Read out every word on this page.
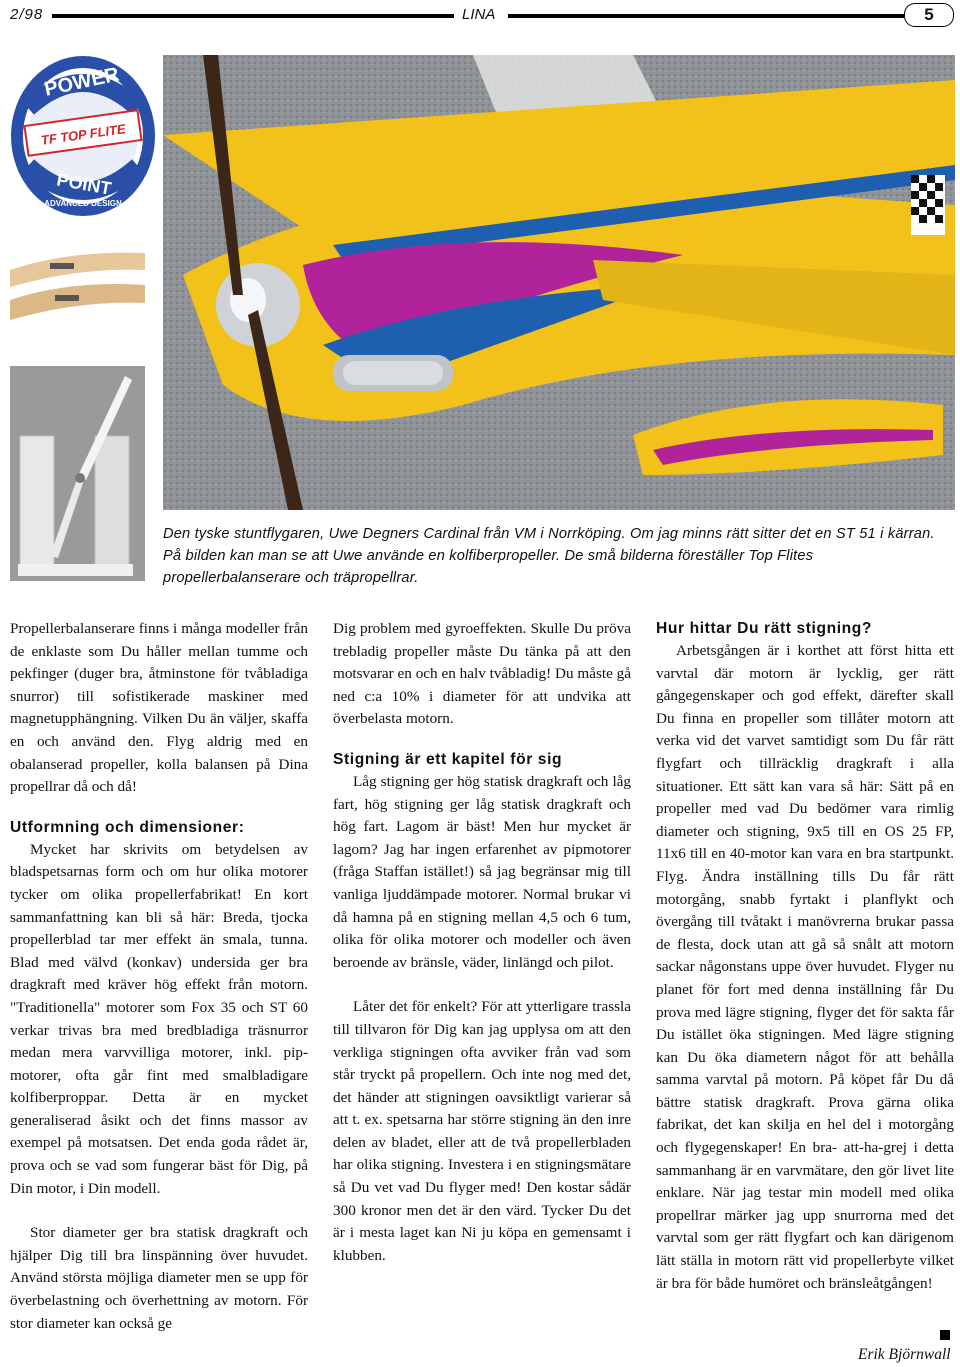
2/98	LINA	5
POWER
TF TOP FLITE
POINT
ADVANCED DESIGN

Den tyske stuntflygaren, Uwe Degners Cardinal från VM i Norrköping. Om jag minns rätt sitter det en ST 51 i kärran. På bilden kan man se att Uwe använde en kolfiberpropeller. De små bilderna föreställer Top Flites propellerbalanserare och träpropellrar.

Propellerbalanserare finns i många modeller från de enklaste som Du håller mellan tumme och pekfinger (duger bra, åtminstone för tvåbladiga snurror) till sofistikerade maskiner med magnetupphängning. Vilken Du än väljer, skaffa en och använd den. Flyg aldrig med en obalanserad propeller, kolla balansen på Dina propellrar då och då!

Utformning och dimensioner:

Mycket har skrivits om betydelsen av bladspetsarnas form och om hur olika motorer tycker om olika propellerfabrikat! En kort sammanfattning kan bli så här: Breda, tjocka propellerblad tar mer effekt än smala, tunna. Blad med välvd (konkav) undersida ger bra dragkraft med kräver hög effekt från motorn. "Traditionella" motorer som Fox 35 och ST 60 verkar trivas bra med bredbladiga träsnurror medan mera varvvilliga motorer, inkl. pip-motorer, ofta går fint med smalbladigare kolfiberproppar. Detta är en mycket generaliserad åsikt och det finns massor av exempel på motsatsen. Det enda goda rådet är, prova och se vad som fungerar bäst för Dig, på Din motor, i Din modell.

Stor diameter ger bra statisk dragkraft och hjälper Dig till bra linspänning över huvudet. Använd största möjliga diameter men se upp för överbelastning och överhettning av motorn. För stor diameter kan också ge

Dig problem med gyroeffekten. Skulle Du pröva trebladig propeller måste Du tänka på att den motsvarar en och en halv tvåbladig! Du måste gå ned c:a 10% i diameter för att undvika att överbelasta motorn.

Stigning är ett kapitel för sig

Låg stigning ger hög statisk dragkraft och låg fart, hög stigning ger låg statisk dragkraft och hög fart. Lagom är bäst! Men hur mycket är lagom? Jag har ingen erfarenhet av pipmotorer (fråga Staffan istället!) så jag begränsar mig till vanliga ljuddämpade motorer. Normal brukar vi då hamna på en stigning mellan 4,5 och 6 tum, olika för olika motorer och modeller och även beroende av bränsle, väder, linlängd och pilot.

Låter det för enkelt? För att ytterligare trassla till tillvaron för Dig kan jag upplysa om att den verkliga stigningen ofta avviker från vad som står tryckt på propellern. Och inte nog med det, det händer att stigningen oavsiktligt varierar så att t. ex. spetsarna har större stigning än den inre delen av bladet, eller att de två propellerbladen har olika stigning. Investera i en stigningsmätare så Du vet vad Du flyger med! Den kostar sådär 300 kronor men det är den värd. Tycker Du det är i mesta laget kan Ni ju köpa en gemensamt i klubben.

Hur hittar Du rätt stigning?

Arbetsgången är i korthet att först hitta ett varvtal där motorn är lycklig, ger rätt gångegenskaper och god effekt, därefter skall Du finna en propeller som tillåter motorn att verka vid det varvet samtidigt som Du får rätt flygfart och tillräcklig dragkraft i alla situationer. Ett sätt kan vara så här: Sätt på en propeller med vad Du bedömer vara rimlig diameter och stigning, 9x5 till en OS 25 FP, 11x6 till en 40-motor kan vara en bra startpunkt. Flyg. Ändra inställning tills Du får rätt motorgång, snabb fyrtakt i planflykt och övergång till tvåtakt i manövrerna brukar passa de flesta, dock utan att gå så snålt att motorn sackar någonstans uppe över huvudet. Flyger nu planet för fort med denna inställning får Du prova med lägre stigning, flyger det för sakta får Du istället öka stigningen. Med lägre stigning kan Du öka diametern något för att behålla samma varvtal på motorn. På köpet får Du då bättre statisk dragkraft. Prova gärna olika fabrikat, det kan skilja en hel del i motorgång och flygegenskaper! En bra- att-ha-grej i detta sammanhang är en varvmätare, den gör livet lite enklare. När jag testar min modell med olika propellrar märker jag upp snurrorna med det varvtal som ger rätt flygfart och kan därigenom lätt ställa in motorn rätt vid propellerbyte vilket är bra för både humöret och bränsleåtgången!

Erik Björnwall
